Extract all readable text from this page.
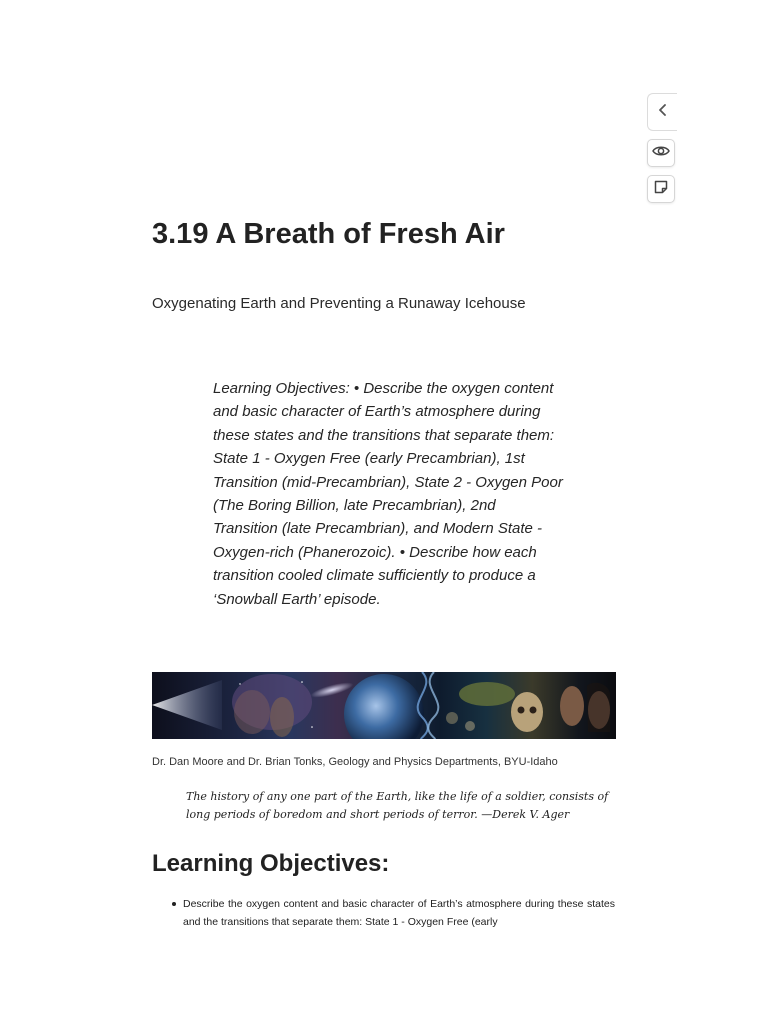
3.19 A Breath of Fresh Air

Oxygenating Earth and Preventing a Runaway Icehouse

Learning Objectives: • Describe the oxygen content and basic character of Earth’s atmosphere during these states and the transitions that separate them: State 1 - Oxygen Free (early Precambrian), 1st Transition (mid-Precambrian), State 2 - Oxygen Poor (The Boring Billion, late Precambrian), 2nd Transition (late Precambrian), and Modern State - Oxygen-rich (Phanerozoic). • Describe how each transition cooled climate sufficiently to produce a ‘Snowball Earth’ episode.

Dr. Dan Moore and Dr. Brian Tonks, Geology and Physics Departments, BYU-Idaho

The history of any one part of the Earth, like the life of a soldier, consists of long periods of boredom and short periods of terror. —Derek V. Ager

Learning Objectives:
Describe the oxygen content and basic character of Earth’s atmosphere during these states and the transitions that separate them: State 1 - Oxygen Free (early
